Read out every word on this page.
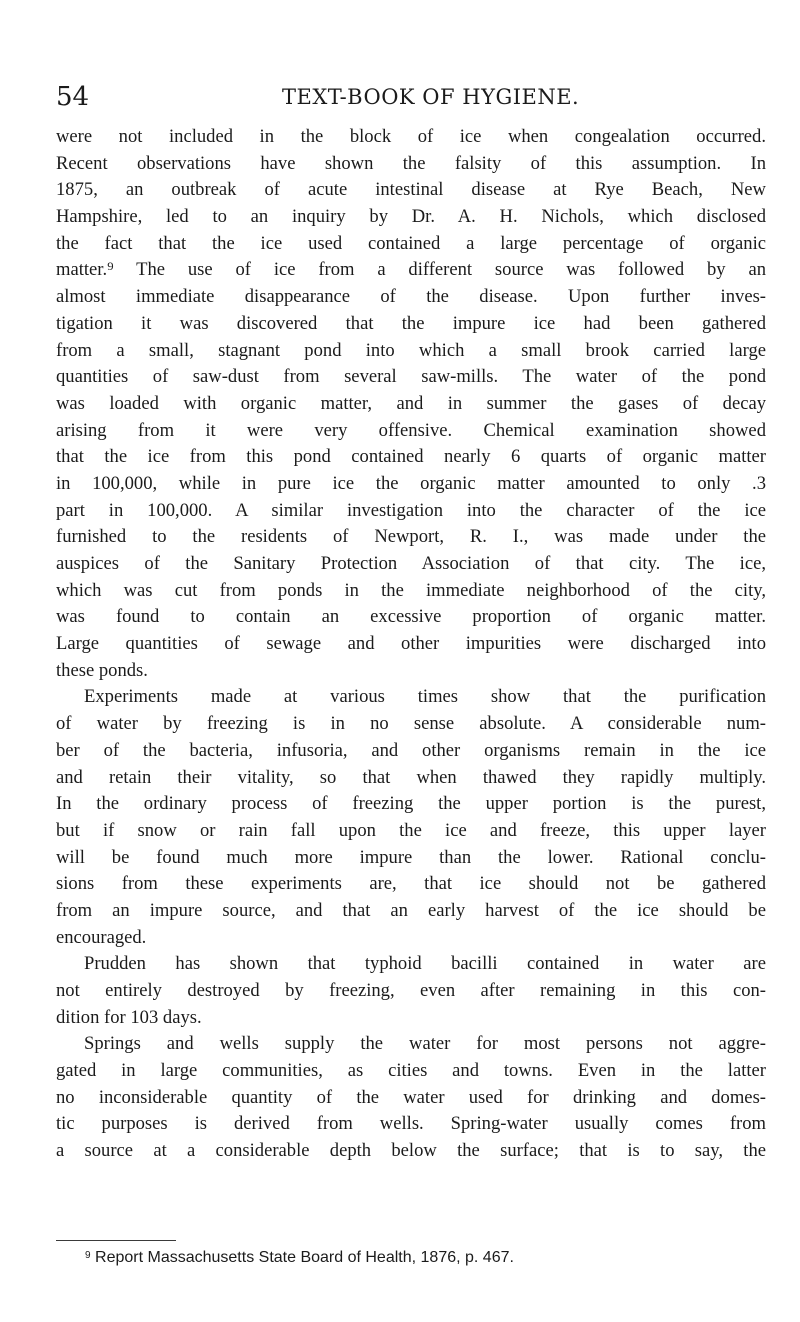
54	TEXT-BOOK OF HYGIENE.
were not included in the block of ice when congealation occurred.
Recent observations have shown the falsity of this assumption. In
1875, an outbreak of acute intestinal disease at Rye Beach, New
Hampshire, led to an inquiry by Dr. A. H. Nichols, which disclosed
the fact that the ice used contained a large percentage of organic
matter.⁹ The use of ice from a different source was followed by an
almost immediate disappearance of the disease. Upon further inves-
tigation it was discovered that the impure ice had been gathered
from a small, stagnant pond into which a small brook carried large
quantities of saw-dust from several saw-mills. The water of the pond
was loaded with organic matter, and in summer the gases of decay
arising from it were very offensive. Chemical examination showed
that the ice from this pond contained nearly 6 quarts of organic matter
in 100,000, while in pure ice the organic matter amounted to only .3
part in 100,000. A similar investigation into the character of the ice
furnished to the residents of Newport, R. I., was made under the
auspices of the Sanitary Protection Association of that city. The ice,
which was cut from ponds in the immediate neighborhood of the city,
was found to contain an excessive proportion of organic matter.
Large quantities of sewage and other impurities were discharged into
these ponds.
Experiments made at various times show that the purification
of water by freezing is in no sense absolute. A considerable num-
ber of the bacteria, infusoria, and other organisms remain in the ice
and retain their vitality, so that when thawed they rapidly multiply.
In the ordinary process of freezing the upper portion is the purest,
but if snow or rain fall upon the ice and freeze, this upper layer
will be found much more impure than the lower. Rational conclu-
sions from these experiments are, that ice should not be gathered
from an impure source, and that an early harvest of the ice should be
encouraged.
Prudden has shown that typhoid bacilli contained in water are
not entirely destroyed by freezing, even after remaining in this con-
dition for 103 days.
Springs and wells supply the water for most persons not aggre-
gated in large communities, as cities and towns. Even in the latter
no inconsiderable quantity of the water used for drinking and domes-
tic purposes is derived from wells. Spring-water usually comes from
a source at a considerable depth below the surface; that is to say, the
$^9$ Report Massachusetts State Board of Health, 1876, p. 467.
